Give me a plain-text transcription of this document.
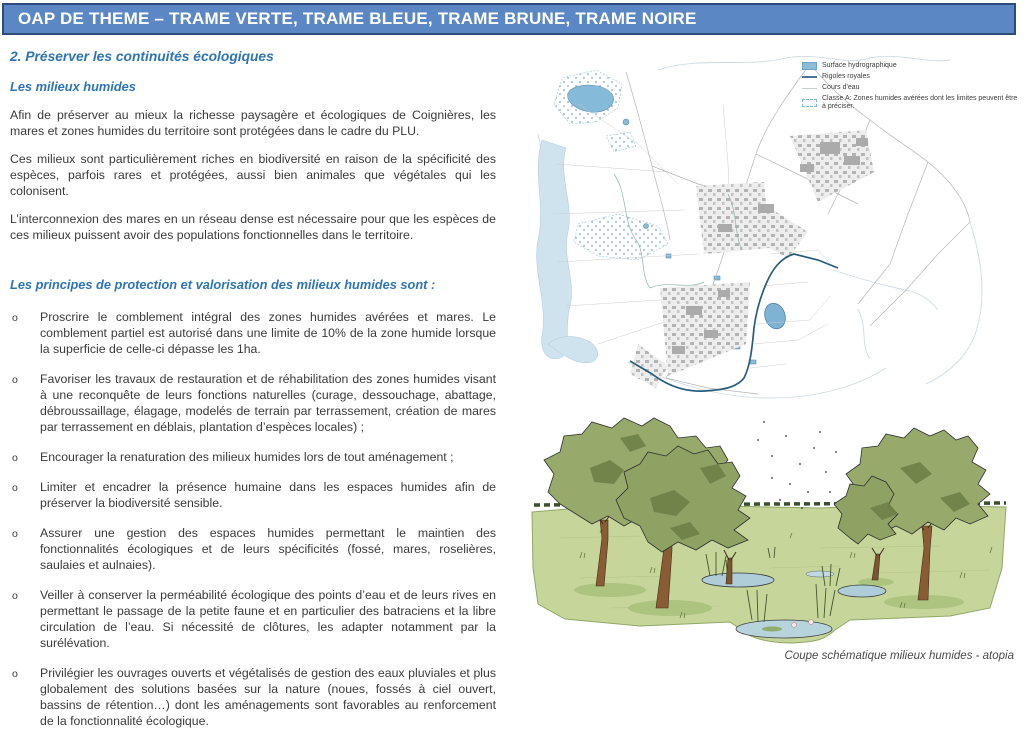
OAP DE THEME – TRAME VERTE, TRAME BLEUE, TRAME BRUNE, TRAME NOIRE
2. Préserver les continuités écologiques
Les milieux humides

Afin de préserver au mieux la richesse paysagère et écologiques de Coignières, les mares et zones humides du territoire sont protégées dans le cadre du PLU.

Ces milieux sont particulièrement riches en biodiversité en raison de la spécificité des espèces, parfois rares et protégées, aussi bien animales que végétales qui les colonisent.

L’interconnexion des mares en un réseau dense est nécessaire pour que les espèces de ces milieux puissent avoir des populations fonctionnelles dans le territoire.

Les principes de protection et valorisation des milieux humides sont :
o Proscrire le comblement intégral des zones humides avérées et mares. Le comblement partiel est autorisé dans une limite de 10% de la zone humide lorsque la superficie de celle-ci dépasse les 1ha.
o Favoriser les travaux de restauration et de réhabilitation des zones humides visant à une reconquête de leurs fonctions naturelles (curage, dessouchage, abattage, débroussaillage, élagage, modelés de terrain par terrassement, création de mares par terrassement en déblais, plantation d’espèces locales) ;
o Encourager la renaturation des milieux humides lors de tout aménagement ;
o Limiter et encadrer la présence humaine dans les espaces humides afin de préserver la biodiversité sensible.
o Assurer une gestion des espaces humides permettant le maintien des fonctionnalités écologiques et de leurs spécificités (fossé, mares, roselières, saulaies et aulnaies).
o Veiller à conserver la perméabilité écologique des points d’eau et de leurs rives en permettant le passage de la petite faune et en particulier des batraciens et la libre circulation de l’eau. Si nécessité de clôtures, les adapter notamment par la surélévation.
o Privilégier les ouvrages ouverts et végétalisés de gestion des eaux pluviales et plus globalement des solutions basées sur la nature (noues, fossés à ciel ouvert, bassins de rétention…) dont les aménagements sont favorables au renforcement de la fonctionnalité écologique.
Surface hydrographique
Rigoles royales
Cours d'eau
Classe A: Zones humides avérées dont les limites peuvent être à préciser.
Coupe schématique milieux humides - atopia
